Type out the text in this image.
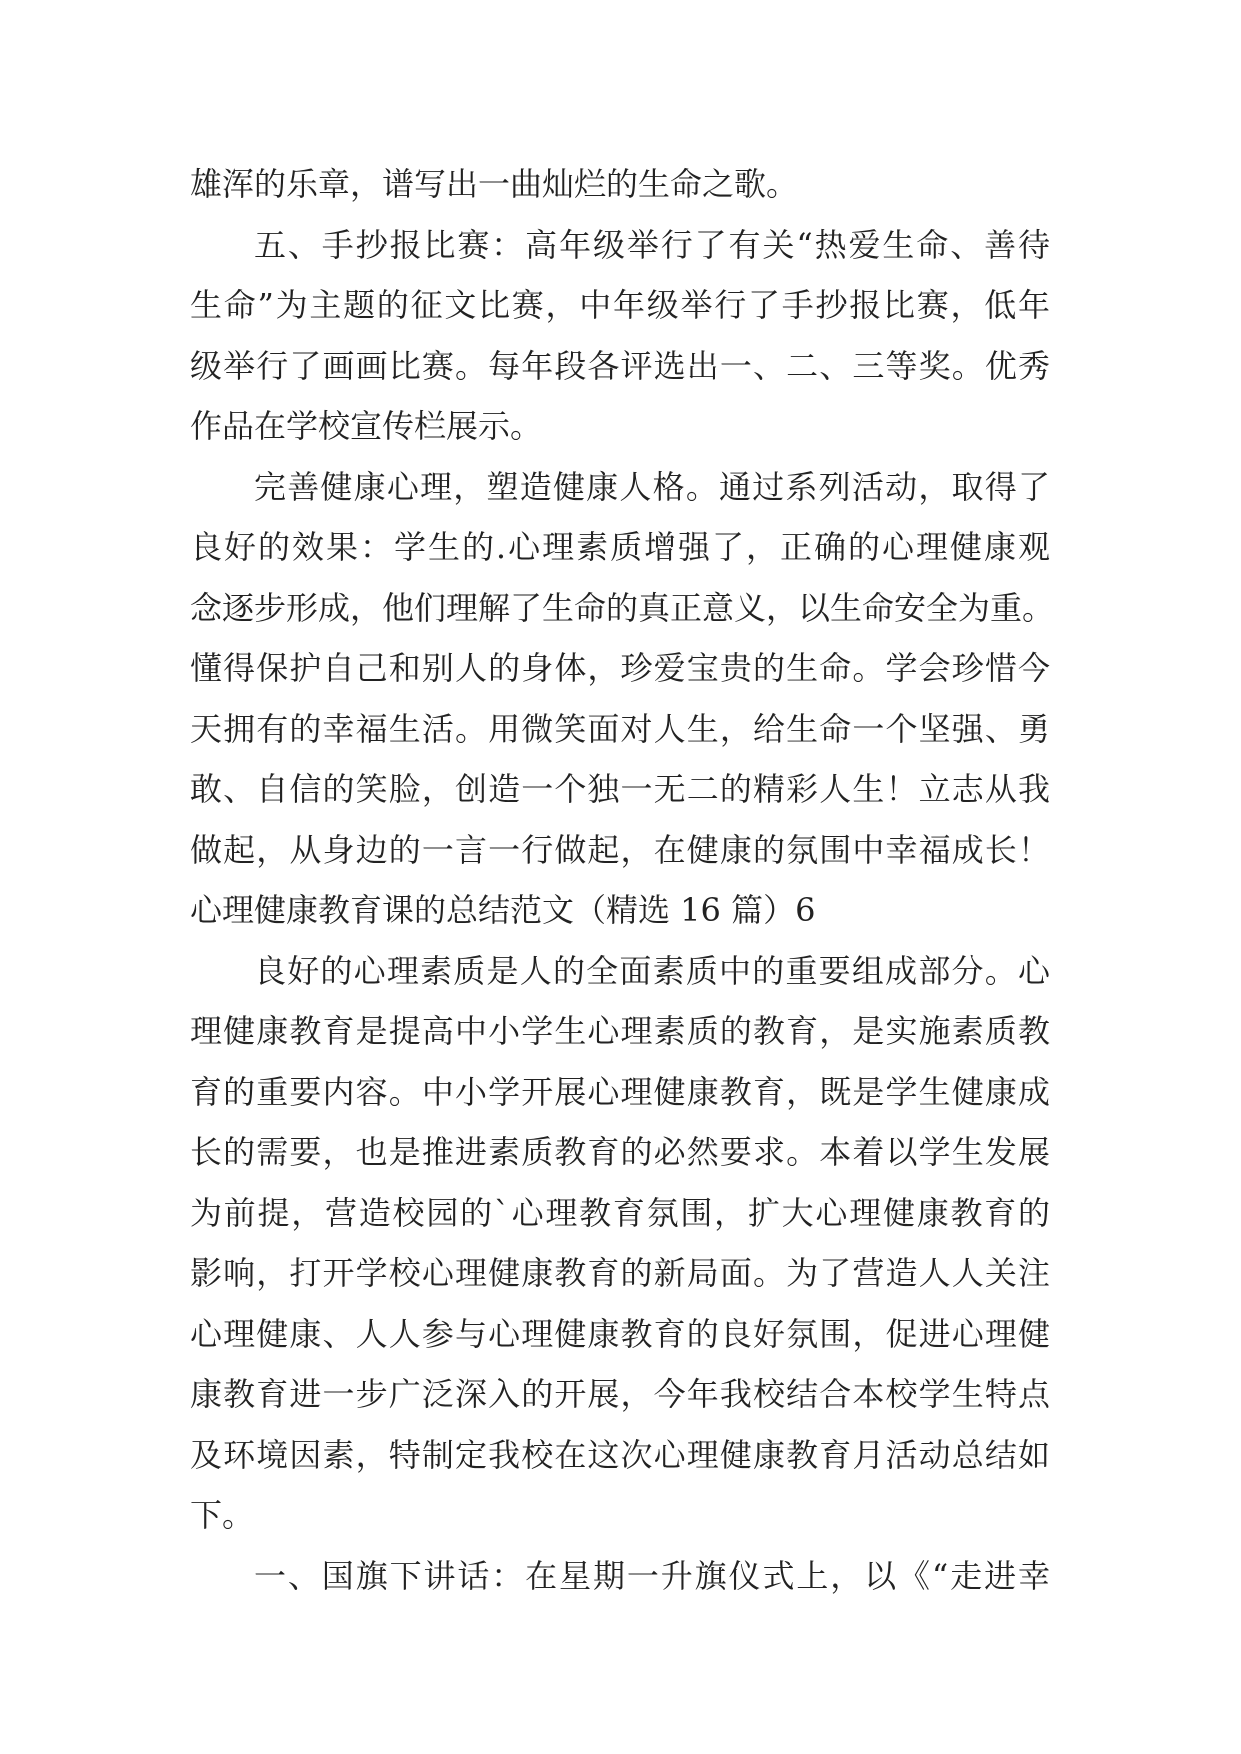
雄浑的乐章，谱写出一曲灿烂的生命之歌。
五、手抄报比赛：高年级举行了有关“热爱生命、善待
生命”为主题的征文比赛，中年级举行了手抄报比赛，低年
级举行了画画比赛。每年段各评选出一、二、三等奖。优秀
作品在学校宣传栏展示。
完善健康心理，塑造健康人格。通过系列活动，取得了
良好的效果：学生的.心理素质增强了，正确的心理健康观
念逐步形成，他们理解了生命的真正意义，以生命安全为重。
懂得保护自己和别人的身体，珍爱宝贵的生命。学会珍惜今
天拥有的幸福生活。用微笑面对人生，给生命一个坚强、勇
敢、自信的笑脸，创造一个独一无二的精彩人生！立志从我
做起，从身边的一言一行做起，在健康的氛围中幸福成长！
心理健康教育课的总结范文（精选 16 篇）6
良好的心理素质是人的全面素质中的重要组成部分。心
理健康教育是提高中小学生心理素质的教育，是实施素质教
育的重要内容。中小学开展心理健康教育，既是学生健康成
长的需要，也是推进素质教育的必然要求。本着以学生发展
为前提，营造校园的`心理教育氛围，扩大心理健康教育的
影响，打开学校心理健康教育的新局面。为了营造人人关注
心理健康、人人参与心理健康教育的良好氛围，促进心理健
康教育进一步广泛深入的开展，今年我校结合本校学生特点
及环境因素，特制定我校在这次心理健康教育月活动总结如
下。
一、国旗下讲话：在星期一升旗仪式上，以《“走进幸
